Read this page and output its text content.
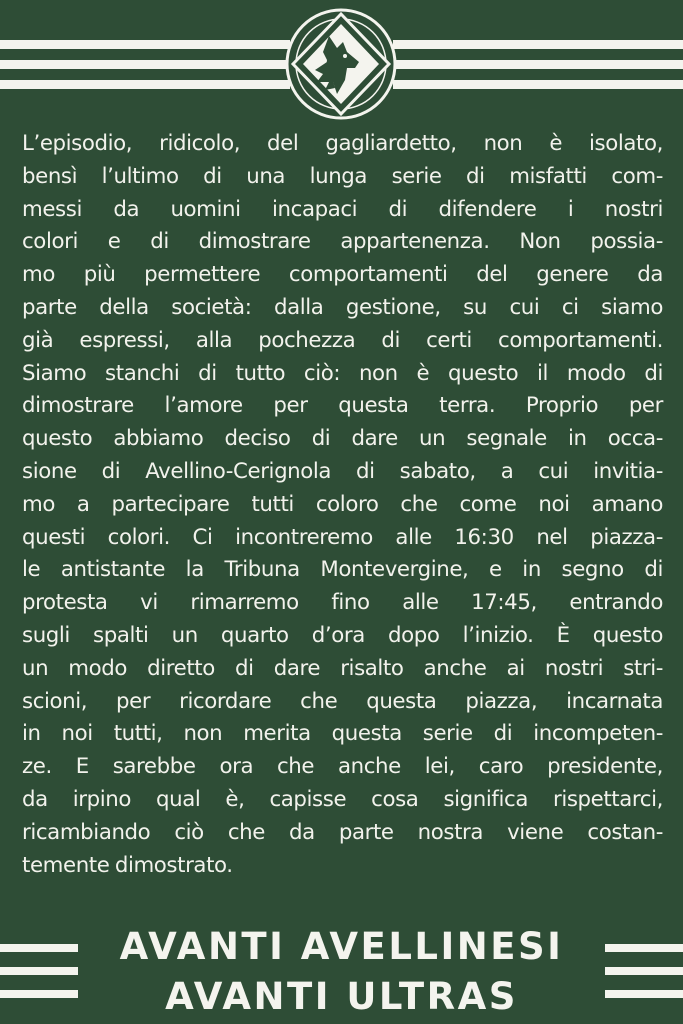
L’episodio, ridicolo, del gagliardetto, non è isolato,
bensì l’ultimo di una lunga serie di misfatti com-
messi da uomini incapaci di difendere i nostri
colori e di dimostrare appartenenza. Non possia-
mo più permettere comportamenti del genere da
parte della società: dalla gestione, su cui ci siamo
già espressi, alla pochezza di certi comportamenti.
Siamo stanchi di tutto ciò: non è questo il modo di
dimostrare l’amore per questa terra. Proprio per
questo abbiamo deciso di dare un segnale in occa-
sione di Avellino-Cerignola di sabato, a cui invitia-
mo a partecipare tutti coloro che come noi amano
questi colori. Ci incontreremo alle 16:30 nel piazza-
le antistante la Tribuna Montevergine, e in segno di
protesta vi rimarremo fino alle 17:45, entrando
sugli spalti un quarto d’ora dopo l’inizio. È questo
un modo diretto di dare risalto anche ai nostri stri-
scioni, per ricordare che questa piazza, incarnata
in noi tutti, non merita questa serie di incompeten-
ze. E sarebbe ora che anche lei, caro presidente,
da irpino qual è, capisse cosa significa rispettarci,
ricambiando ciò che da parte nostra viene costan-
temente dimostrato.
AVANTI AVELLINESI
AVANTI ULTRAS
